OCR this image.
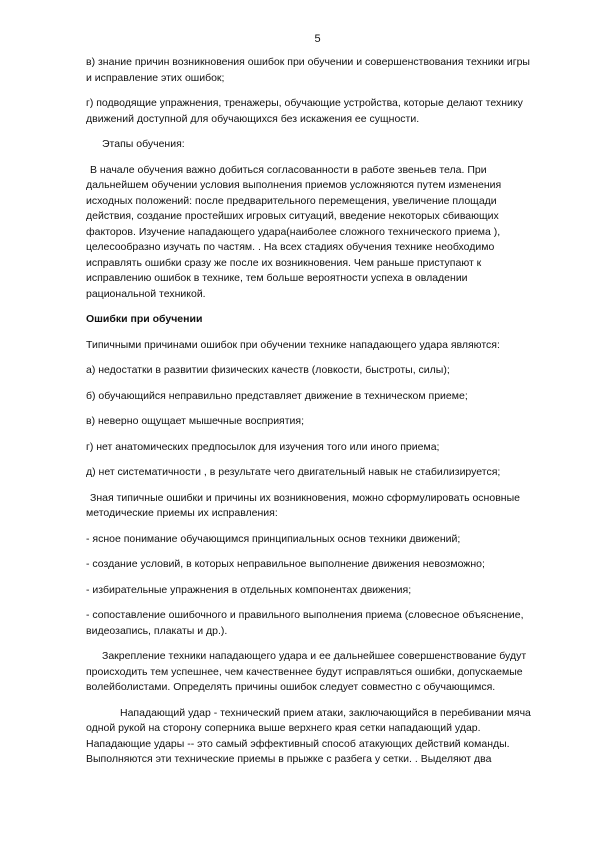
5

в) знание причин возникновения ошибок при обучении и совершенствования техники игры и исправление этих ошибок;

г) подводящие упражнения, тренажеры, обучающие устройства, которые делают технику движений доступной для обучающихся без искажения ее сущности.

Этапы обучения:

В начале обучения важно добиться согласованности в работе звеньев тела. При дальнейшем обучении условия выполнения приемов усложняются путем изменения исходных положений: после предварительного перемещения, увеличение площади действия, создание простейших игровых ситуаций, введение некоторых сбивающих факторов. Изучение нападающего удара(наиболее сложного технического приема ), целесообразно изучать по частям. . На всех стадиях обучения технике необходимо исправлять ошибки сразу же после их возникновения. Чем раньше приступают к исправлению ошибок в технике, тем больше вероятности успеха в овладении рациональной техникой.

Ошибки при обучении

Типичными причинами ошибок при обучении технике нападающего удара являются:

а) недостатки в развитии физических качеств (ловкости, быстроты, силы);

б) обучающийся неправильно представляет движение в техническом приеме;

в) неверно ощущает мышечные восприятия;

г) нет анатомических предпосылок для изучения того или иного приема;

д) нет систематичности , в результате чего двигательный навык не стабилизируется;

Зная типичные ошибки и причины их возникновения, можно сформулировать основные методические приемы их исправления:

- ясное понимание обучающимся принципиальных основ техники движений;

- создание условий, в которых неправильное выполнение движения невозможно;

- избирательные упражнения в отдельных компонентах движения;

- сопоставление ошибочного и правильного выполнения приема (словесное объяснение, видеозапись, плакаты и др.).

Закрепление техники нападающего удара и ее дальнейшее совершенствование будут происходить тем успешнее, чем качественнее будут исправляться ошибки, допускаемые волейболистами. Определять причины ошибок следует совместно с обучающимся.

Нападающий удар - технический прием атаки, заключающийся в перебивании мяча одной рукой на сторону соперника выше верхнего края сетки нападающий удар. Нападающие удары -- это самый эффективный способ атакующих действий команды. Выполняются эти технические приемы в прыжке с разбега у сетки. . Выделяют два
